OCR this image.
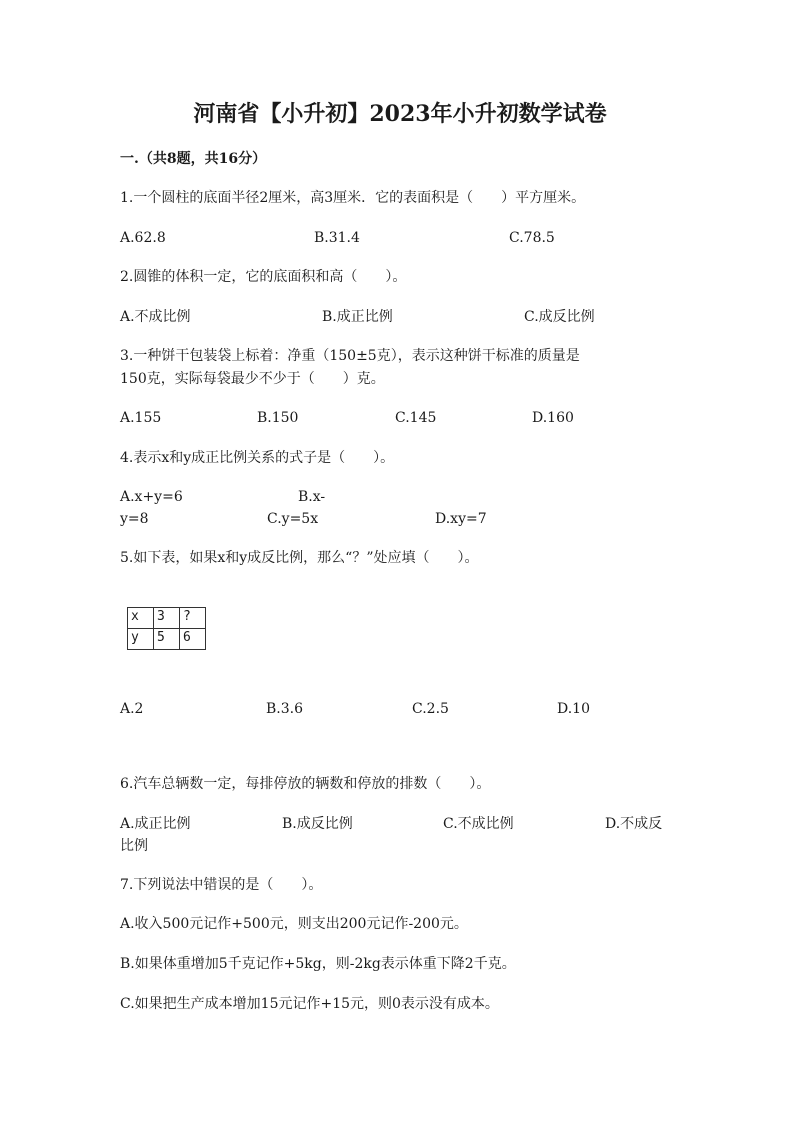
河南省【小升初】2023年小升初数学试卷
一.（共8题，共16分）
1.一个圆柱的底面半径2厘米，高3厘米．它的表面积是（　　）平方厘米。
A.62.8	B.31.4	C.78.5
2.圆锥的体积一定，它的底面积和高（　　）。
A.不成比例	B.成正比例	C.成反比例
3.一种饼干包装袋上标着：净重（150±5克），表示这种饼干标准的质量是
150克，实际每袋最少不少于（　　）克。
A.155	B.150	C.145	D.160
4.表示x和y成正比例关系的式子是（　　）。
A.x+y=6	B.x-
y=8	C.y=5x	D.xy=7
5.如下表，如果x和y成反比例，那么“？”处应填（　　）。
x	3	?
y	5	6
A.2	B.3.6	C.2.5	D.10
6.汽车总辆数一定，每排停放的辆数和停放的排数（　　）。
A.成正比例	B.成反比例	C.不成比例	D.不成反
比例
7.下列说法中错误的是（　　）。
A.收入500元记作+500元，则支出200元记作-200元。
B.如果体重增加5千克记作+5kg，则-2kg表示体重下降2千克。
C.如果把生产成本增加15元记作+15元，则0表示没有成本。
